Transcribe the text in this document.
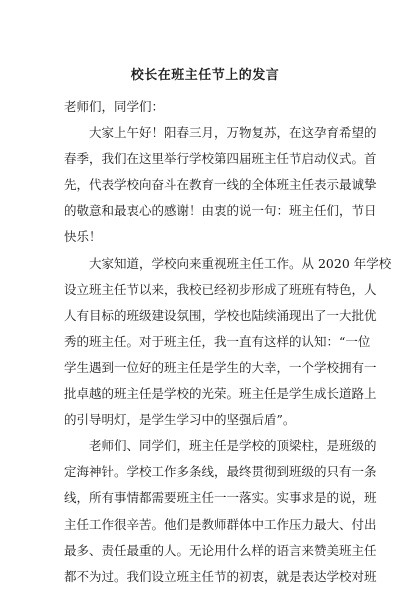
校长在班主任节上的发言
老师们，同学们：
大家上午好！阳春三月，万物复苏，在这孕育希望的
春季，我们在这里举行学校第四届班主任节启动仪式。首
先，代表学校向奋斗在教育一线的全体班主任表示最诚挚
的敬意和最衷心的感谢！由衷的说一句：班主任们，节日
快乐！
大家知道，学校向来重视班主任工作。从 2020 年学校
设立班主任节以来，我校已经初步形成了班班有特色，人
人有目标的班级建设氛围，学校也陆续涌现出了一大批优
秀的班主任。对于班主任，我一直有这样的认知：“一位
学生遇到一位好的班主任是学生的大幸，一个学校拥有一
批卓越的班主任是学校的光荣。班主任是学生成长道路上
的引导明灯，是学生学习中的坚强后盾”。
老师们、同学们，班主任是学校的顶梁柱，是班级的
定海神针。学校工作多条线，最终贯彻到班级的只有一条
线，所有事情都需要班主任一一落实。实事求是的说，班
主任工作很辛苦。他们是教师群体中工作压力最大、付出
最多、责任最重的人。无论用什么样的语言来赞美班主任
都不为过。我们设立班主任节的初衷，就是表达学校对班
